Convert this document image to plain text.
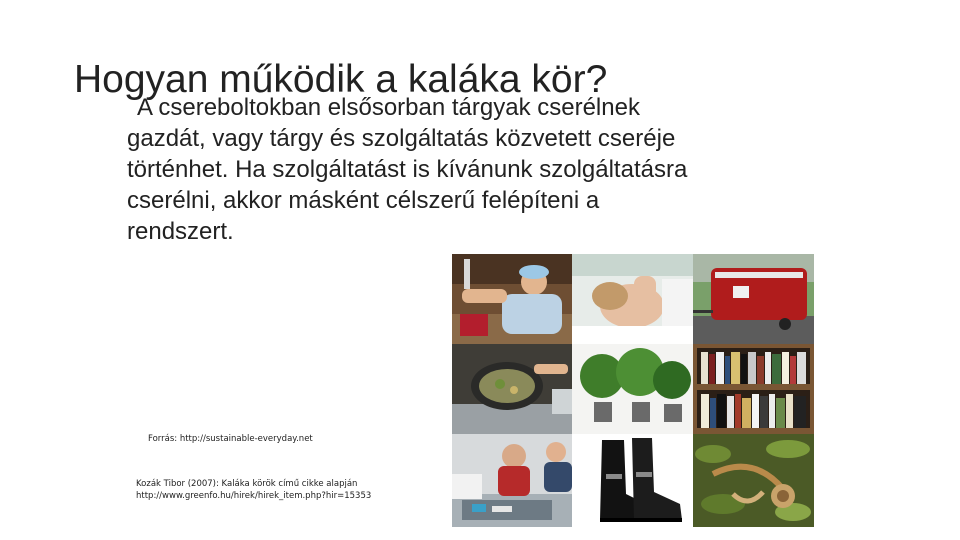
Hogyan működik a kaláka kör?
A csereboltokban elsősorban tárgyak cserélnek
gazdát, vagy tárgy és szolgáltatás közvetett cseréje
történhet. Ha szolgáltatást is kívánunk szolgáltatásra
cserélni, akkor másként célszerű felépíteni a
rendszert.
Forrás: http://sustainable-everyday.net
Kozák Tibor (2007): Kaláka körök című cikke alapján
http://www.greenfo.hu/hirek/hirek_item.php?hir=15353
